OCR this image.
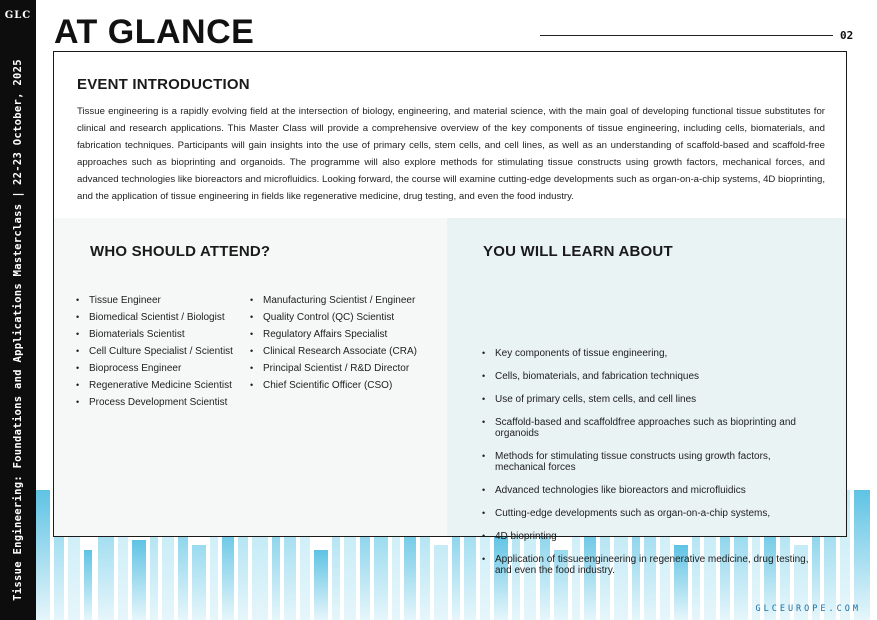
GLC
Tissue Engineering: Foundations and Applications Masterclass|22-23 October, 2025
AT GLANCE	02
EVENT INTRODUCTION

Tissue engineering is a rapidly evolving field at the intersection of biology, engineering, and material science, with the main goal of developing functional tissue substitutes for clinical and research applications. This Master Class will provide a comprehensive overview of the key components of tissue engineering, including cells, biomaterials, and fabrication techniques. Participants will gain insights into the use of primary cells, stem cells, and cell lines, as well as an understanding of scaffold-based and scaffold-free approaches such as bioprinting and organoids. The programme will also explore methods for stimulating tissue constructs using growth factors, mechanical forces, and advanced technologies like bioreactors and microfluidics. Looking forward, the course will examine cutting-edge developments such as organ-on-a-chip systems, 4D bioprinting, and the application of tissue engineering in fields like regenerative medicine, drug testing, and even the food industry.

WHO SHOULD ATTEND?
• Tissue Engineer
• Biomedical Scientist / Biologist
• Biomaterials Scientist
• Cell Culture Specialist / Scientist
• Bioprocess Engineer
• Regenerative Medicine Scientist
• Process Development Scientist
• Manufacturing Scientist / Engineer
• Quality Control (QC) Scientist
• Regulatory Affairs Specialist
• Clinical Research Associate (CRA)
• Principal Scientist / R&D Director
• Chief Scientific Officer (CSO)
YOU WILL LEARN ABOUT
• Key components of tissue engineering,
• Cells, biomaterials, and fabrication techniques
• Use of primary cells, stem cells, and cell lines
• Scaffold-based and scaffoldfree approaches such as bioprinting and organoids
• Methods for stimulating tissue constructs using growth factors, mechanical forces
• Advanced technologies like bioreactors and microfluidics
• Cutting-edge developments such as organ-on-a-chip systems,
• 4D bioprinting
• Application of tissueengineering in regenerative medicine, drug testing, and even the food industry.
GLCEUROPE.COM
